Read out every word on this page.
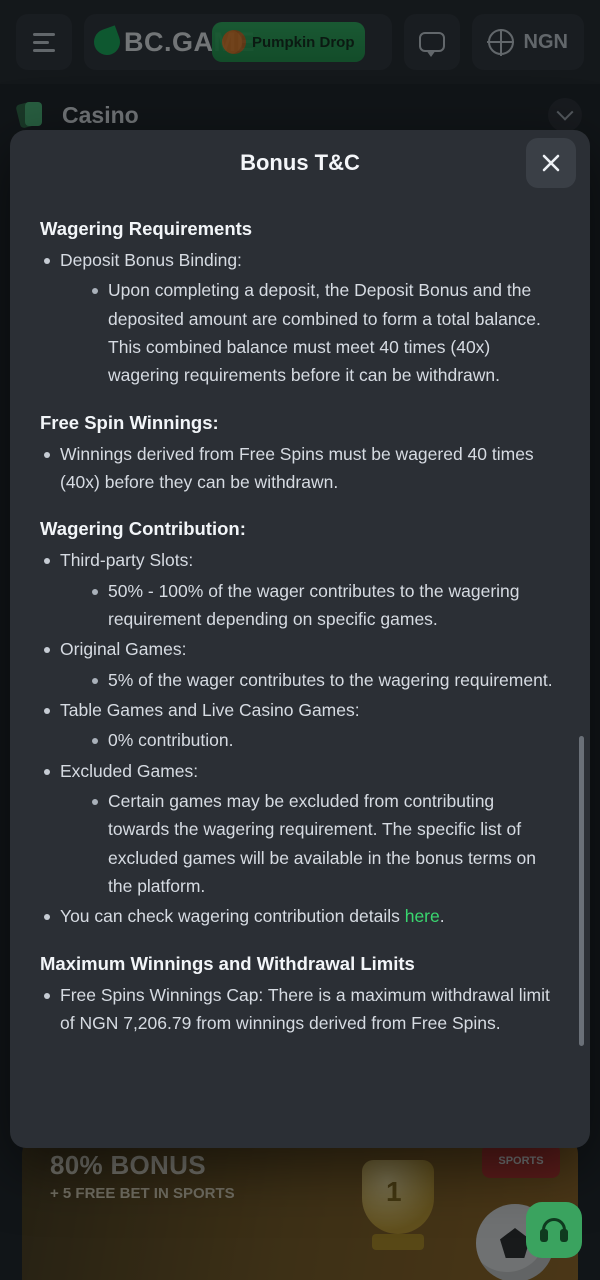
Bonus T&C
Wagering Requirements
Deposit Bonus Binding:
Upon completing a deposit, the Deposit Bonus and the deposited amount are combined to form a total balance. This combined balance must meet 40 times (40x) wagering requirements before it can be withdrawn.
Free Spin Winnings:
Winnings derived from Free Spins must be wagered 40 times (40x) before they can be withdrawn.
Wagering Contribution:
Third-party Slots:
50% - 100% of the wager contributes to the wagering requirement depending on specific games.
Original Games:
5% of the wager contributes to the wagering requirement.
Table Games and Live Casino Games:
0% contribution.
Excluded Games:
Certain games may be excluded from contributing towards the wagering requirement. The specific list of excluded games will be available in the bonus terms on the platform.
You can check wagering contribution details here.
Maximum Winnings and Withdrawal Limits
Free Spins Winnings Cap: There is a maximum withdrawal limit of NGN 7,206.79 from winnings derived from Free Spins.
